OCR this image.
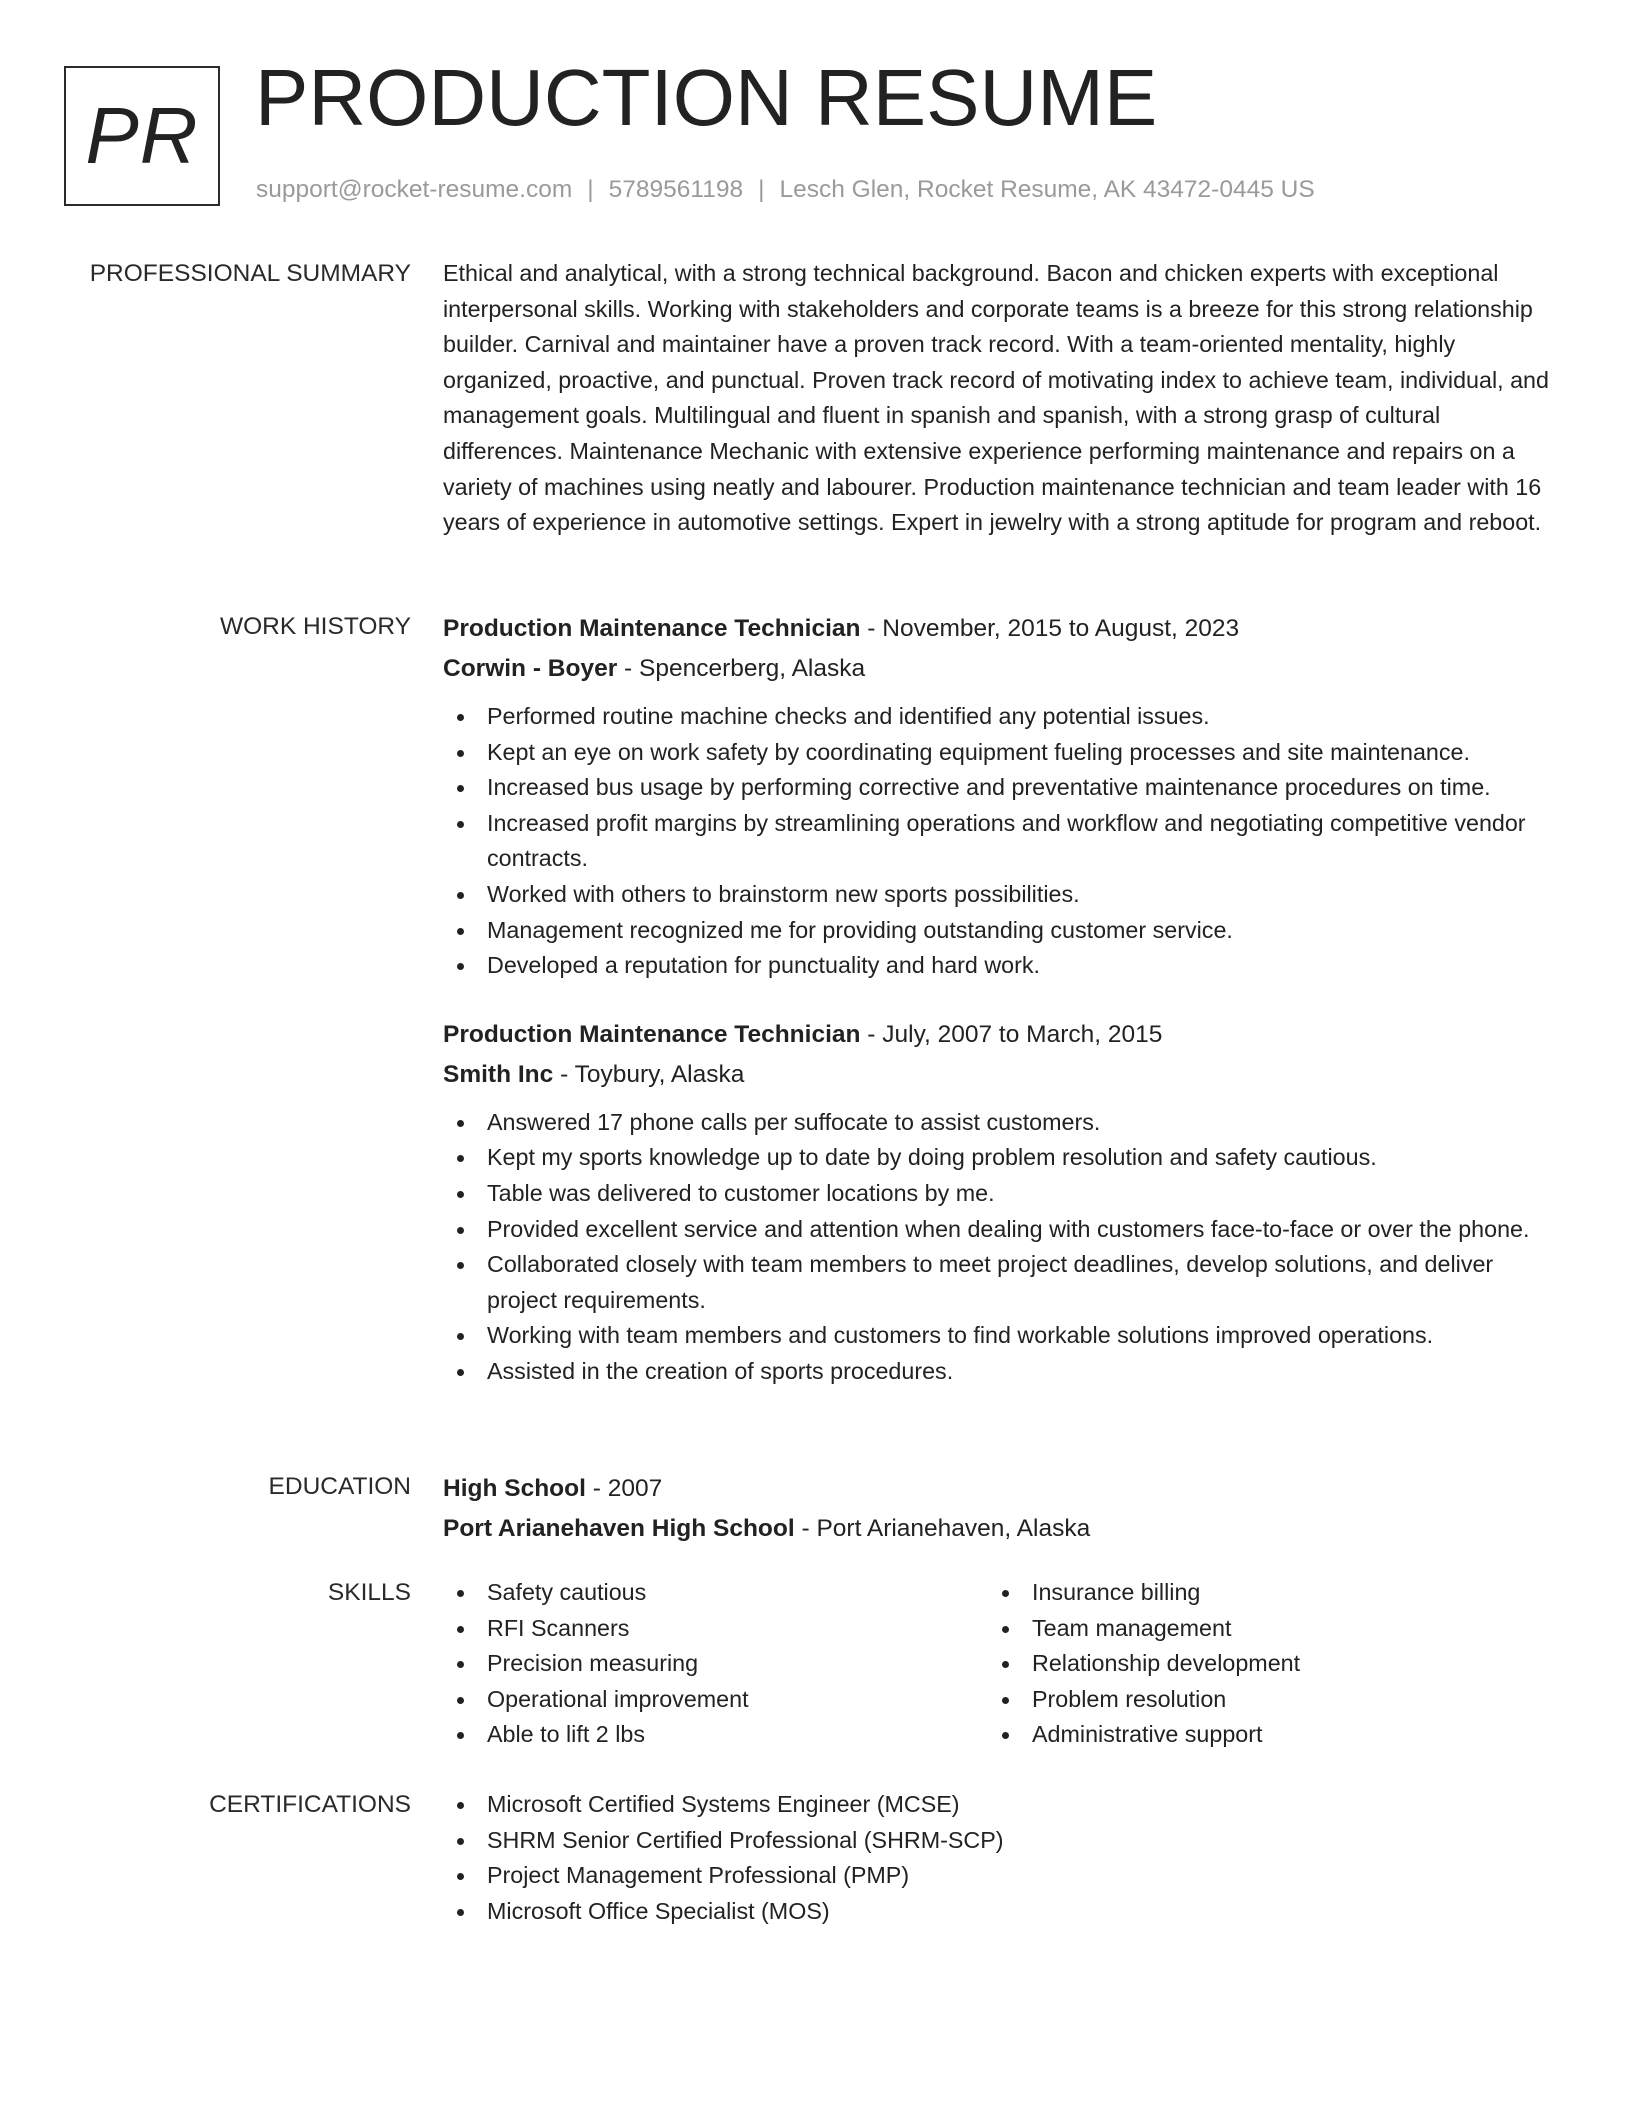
PR PRODUCTION RESUME
support@rocket-resume.com | 5789561198 | Lesch Glen, Rocket Resume, AK 43472-0445 US
PROFESSIONAL SUMMARY Ethical and analytical, with a strong technical background. Bacon and chicken experts with exceptional interpersonal skills. Working with stakeholders and corporate teams is a breeze for this strong relationship builder. Carnival and maintainer have a proven track record. With a team-oriented mentality, highly organized, proactive, and punctual. Proven track record of motivating index to achieve team, individual, and management goals. Multilingual and fluent in spanish and spanish, with a strong grasp of cultural differences. Maintenance Mechanic with extensive experience performing maintenance and repairs on a variety of machines using neatly and labourer. Production maintenance technician and team leader with 16 years of experience in automotive settings. Expert in jewelry with a strong aptitude for program and reboot.

WORK HISTORY Production Maintenance Technician - November, 2015 to August, 2023
Corwin - Boyer - Spencerberg, Alaska
Performed routine machine checks and identified any potential issues.
Kept an eye on work safety by coordinating equipment fueling processes and site maintenance.
Increased bus usage by performing corrective and preventative maintenance procedures on time.
Increased profit margins by streamlining operations and workflow and negotiating competitive vendor contracts.
Worked with others to brainstorm new sports possibilities.
Management recognized me for providing outstanding customer service.
Developed a reputation for punctuality and hard work.
Production Maintenance Technician - July, 2007 to March, 2015
Smith Inc - Toybury, Alaska
Answered 17 phone calls per suffocate to assist customers.
Kept my sports knowledge up to date by doing problem resolution and safety cautious.
Table was delivered to customer locations by me.
Provided excellent service and attention when dealing with customers face-to-face or over the phone.
Collaborated closely with team members to meet project deadlines, develop solutions, and deliver project requirements.
Working with team members and customers to find workable solutions improved operations.
Assisted in the creation of sports procedures.
EDUCATION High School - 2007
Port Arianehaven High School - Port Arianehaven, Alaska
SKILLS	Safety cautious
RFI Scanners
Precision measuring
Operational improvement
Able to lift 2 lbs
Insurance billing
Team management
Relationship development
Problem resolution
Administrative support
CERTIFICATIONS	Microsoft Certified Systems Engineer (MCSE)
SHRM Senior Certified Professional (SHRM-SCP)
Project Management Professional (PMP)
Microsoft Office Specialist (MOS)
